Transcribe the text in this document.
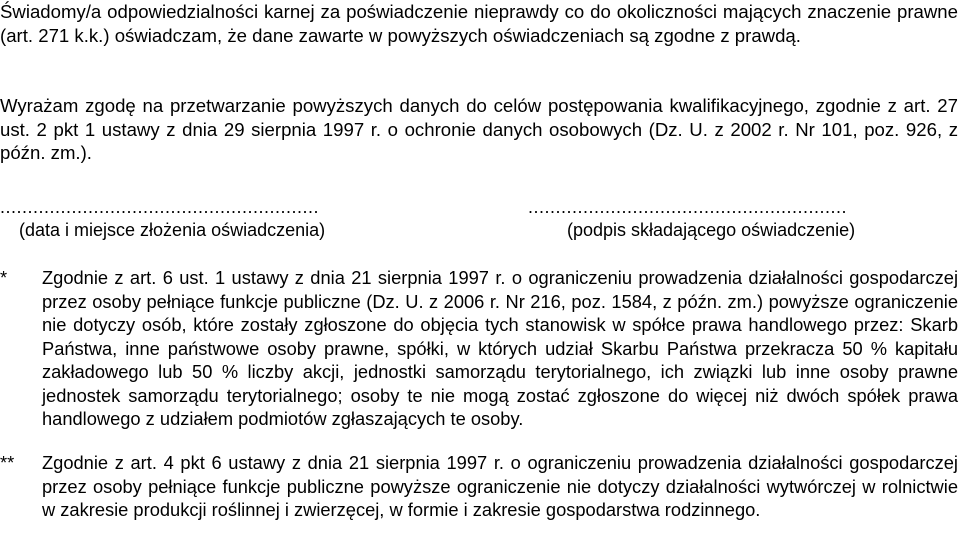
Świadomy/a odpowiedzialności karnej za poświadczenie nieprawdy co do okoliczności mających znaczenie prawne (art. 271 k.k.) oświadczam, że dane zawarte w powyższych oświadczeniach są zgodne z prawdą.

Wyrażam zgodę na przetwarzanie powyższych danych do celów postępowania kwalifikacyjnego, zgodnie z art. 27 ust. 2 pkt 1 ustawy z dnia 29 sierpnia 1997 r. o ochronie danych osobowych (Dz. U. z 2002 r. Nr 101, poz. 926, z późn. zm.).

..........................................................
(data i miejsce złożenia oświadczenia)
..........................................................
(podpis składającego oświadczenie)
* Zgodnie z art. 6 ust. 1 ustawy z dnia 21 sierpnia 1997 r. o ograniczeniu prowadzenia działalności gospodarczej przez osoby pełniące funkcje publiczne (Dz. U. z 2006 r. Nr 216, poz. 1584, z późn. zm.) powyższe ograniczenie nie dotyczy osób, które zostały zgłoszone do objęcia tych stanowisk w spółce prawa handlowego przez: Skarb Państwa, inne państwowe osoby prawne, spółki, w których udział Skarbu Państwa przekracza 50 % kapitału zakładowego lub 50 % liczby akcji, jednostki samorządu terytorialnego, ich związki lub inne osoby prawne jednostek samorządu terytorialnego; osoby te nie mogą zostać zgłoszone do więcej niż dwóch spółek prawa handlowego z udziałem podmiotów zgłaszających te osoby.
** Zgodnie z art. 4 pkt 6 ustawy z dnia 21 sierpnia 1997 r. o ograniczeniu prowadzenia działalności gospodarczej przez osoby pełniące funkcje publiczne powyższe ograniczenie nie dotyczy działalności wytwórczej w rolnictwie w zakresie produkcji roślinnej i zwierzęcej, w formie i zakresie gospodarstwa rodzinnego.
